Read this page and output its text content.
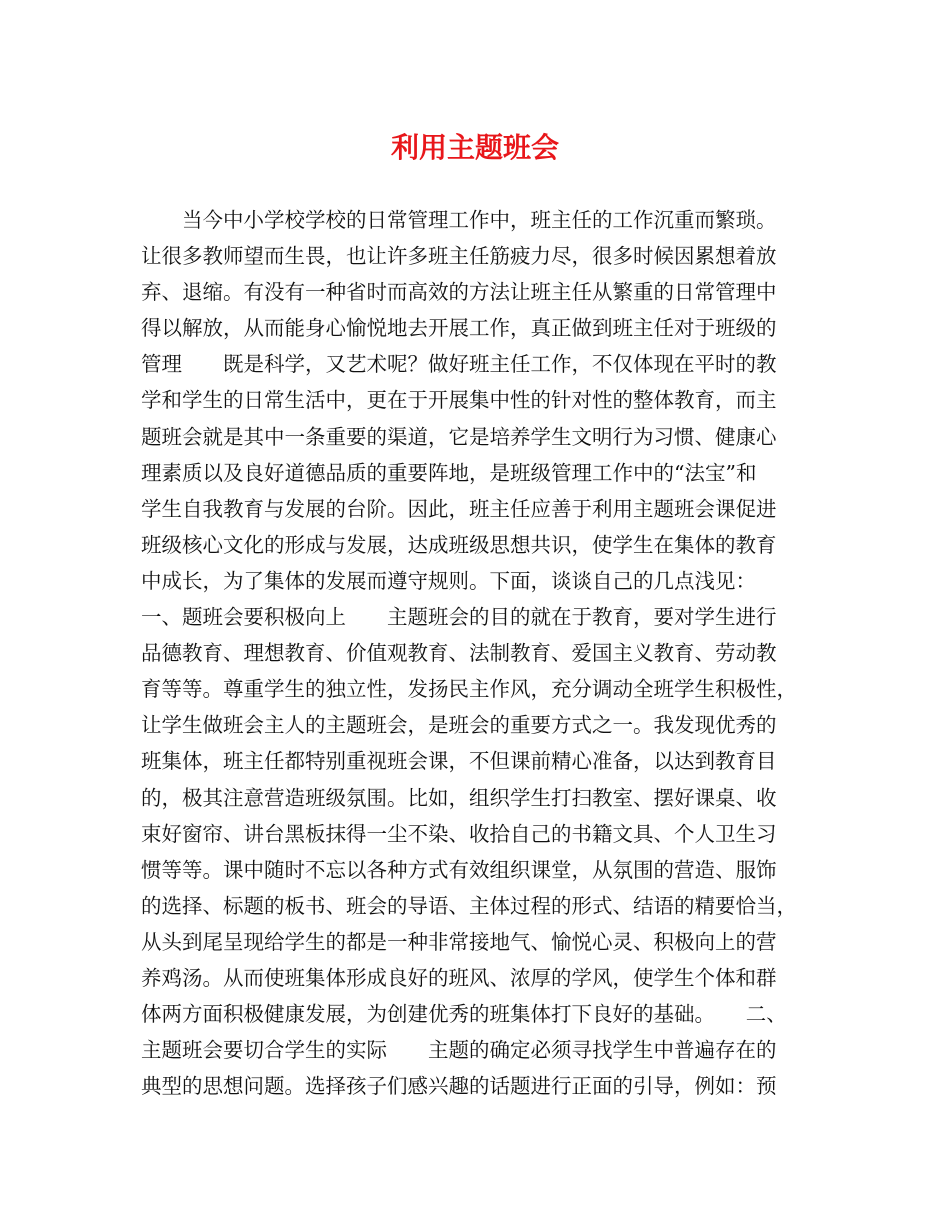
利用主题班会
　　当今中小学校学校的日常管理工作中，班主任的工作沉重而繁琐。
让很多教师望而生畏，也让许多班主任筋疲力尽，很多时候因累想着放
弃、退缩。有没有一种省时而高效的方法让班主任从繁重的日常管理中
得以解放，从而能身心愉悦地去开展工作，真正做到班主任对于班级的
管理　　既是科学，又艺术呢？做好班主任工作，不仅体现在平时的教
学和学生的日常生活中，更在于开展集中性的针对性的整体教育，而主
题班会就是其中一条重要的渠道，它是培养学生文明行为习惯、健康心
理素质以及良好道德品质的重要阵地，是班级管理工作中的“法宝”和
学生自我教育与发展的台阶。因此，班主任应善于利用主题班会课促进
班级核心文化的形成与发展，达成班级思想共识，使学生在集体的教育
中成长，为了集体的发展而遵守规则。下面，谈谈自己的几点浅见：
一、题班会要积极向上　　主题班会的目的就在于教育，要对学生进行
品德教育、理想教育、价值观教育、法制教育、爱国主义教育、劳动教
育等等。尊重学生的独立性，发扬民主作风，充分调动全班学生积极性，
让学生做班会主人的主题班会，是班会的重要方式之一。我发现优秀的
班集体，班主任都特别重视班会课，不但课前精心准备，以达到教育目
的，极其注意营造班级氛围。比如，组织学生打扫教室、摆好课桌、收
束好窗帘、讲台黑板抹得一尘不染、收拾自己的书籍文具、个人卫生习
惯等等。课中随时不忘以各种方式有效组织课堂，从氛围的营造、服饰
的选择、标题的板书、班会的导语、主体过程的形式、结语的精要恰当，
从头到尾呈现给学生的都是一种非常接地气、愉悦心灵、积极向上的营
养鸡汤。从而使班集体形成良好的班风、浓厚的学风，使学生个体和群
体两方面积极健康发展，为创建优秀的班集体打下良好的基础。　　二、
主题班会要切合学生的实际　　主题的确定必须寻找学生中普遍存在的
典型的思想问题。选择孩子们感兴趣的话题进行正面的引导，例如：预
